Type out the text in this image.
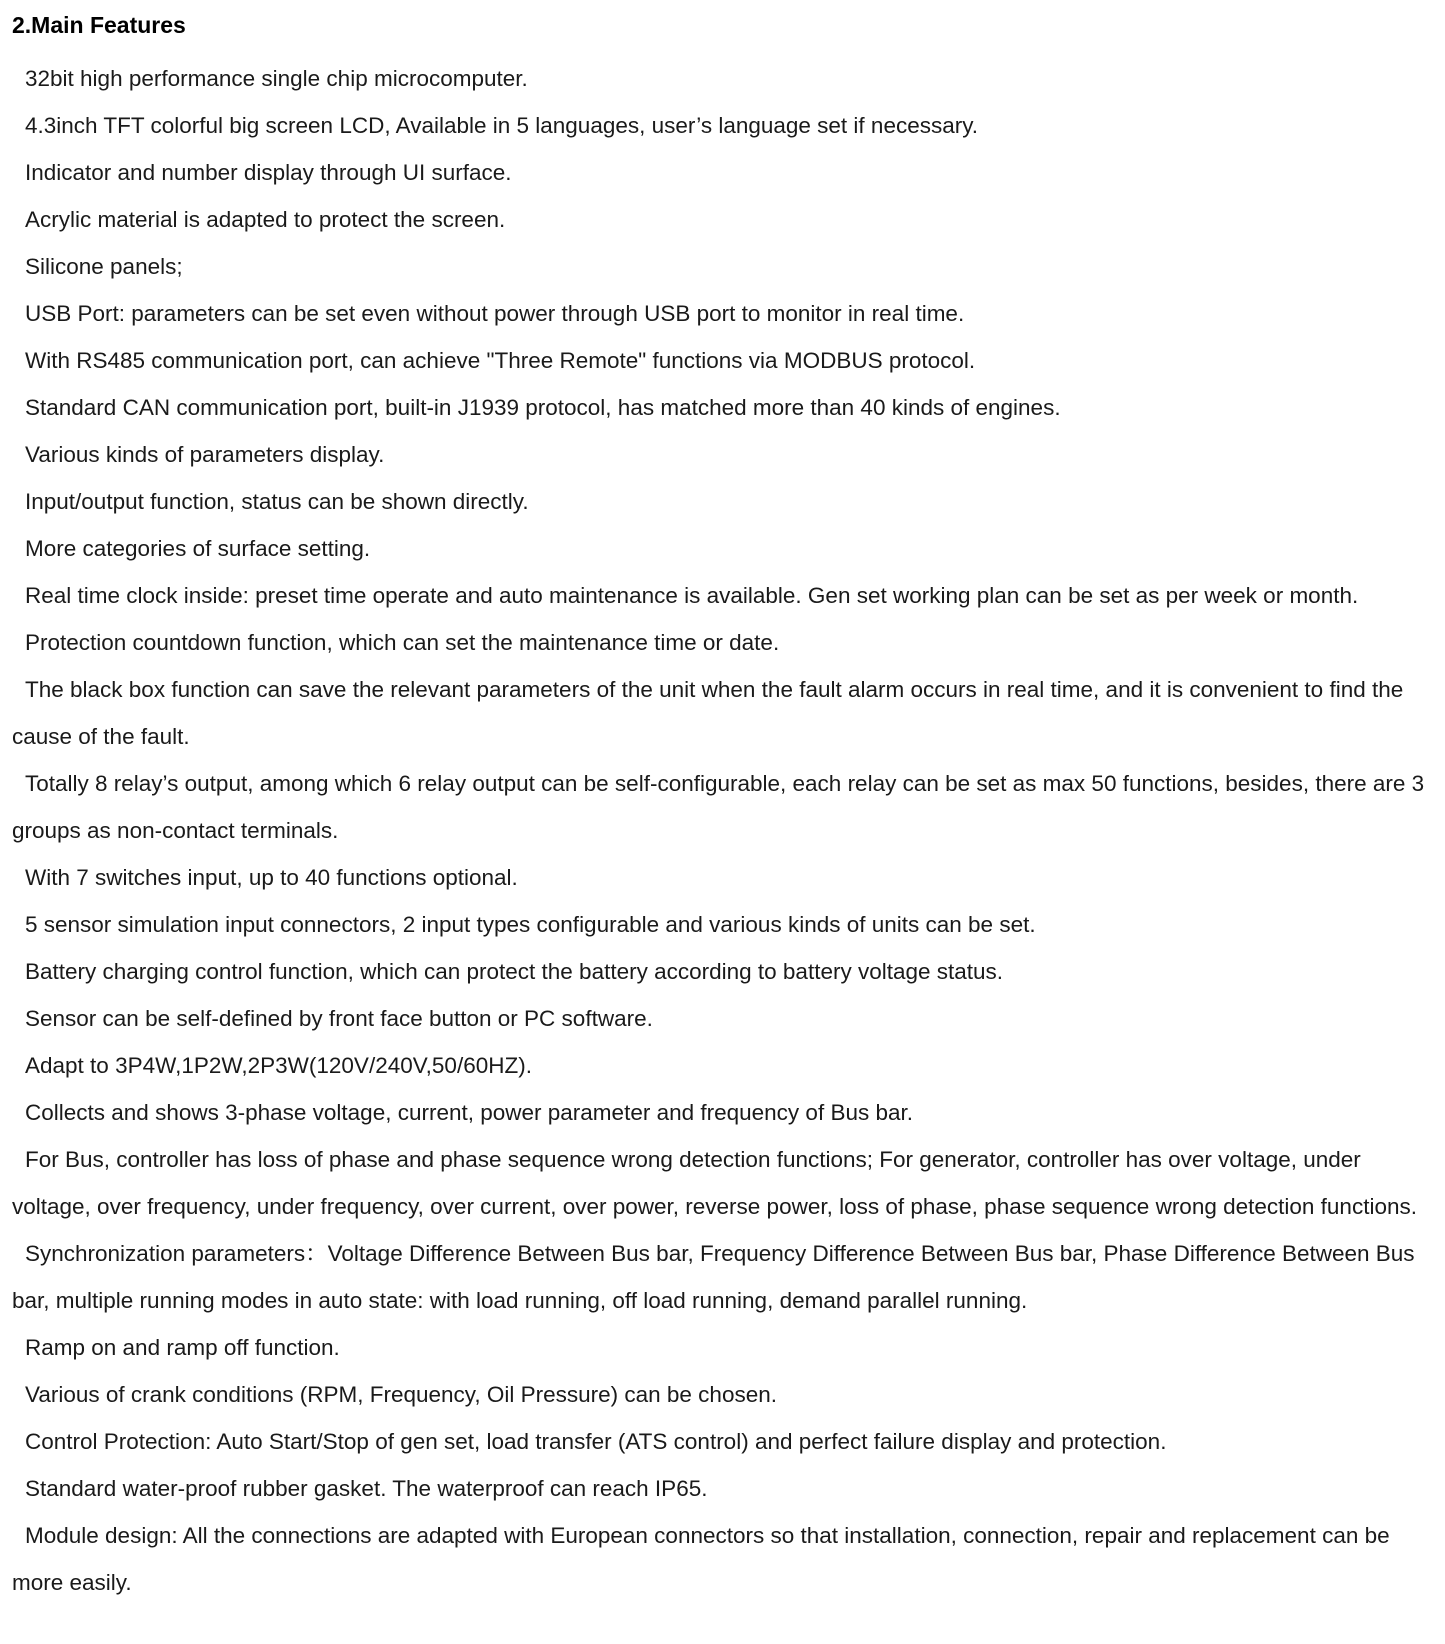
2.Main Features
32bit high performance single chip microcomputer.
4.3inch TFT colorful big screen LCD, Available in 5 languages, user’s language set if necessary.
Indicator and number display through UI surface.
Acrylic material is adapted to protect the screen.
Silicone panels;
USB Port: parameters can be set even without power through USB port to monitor in real time.
With RS485 communication port, can achieve "Three Remote" functions via MODBUS protocol.
Standard CAN communication port, built-in J1939 protocol, has matched more than 40 kinds of engines.
Various kinds of parameters display.
Input/output function, status can be shown directly.
More categories of surface setting.
Real time clock inside: preset time operate and auto maintenance is available. Gen set working plan can be set as per week or month.
Protection countdown function, which can set the maintenance time or date.
The black box function can save the relevant parameters of the unit when the fault alarm occurs in real time, and it is convenient to find the cause of the fault.
Totally 8 relay’s output, among which 6 relay output can be self-configurable, each relay can be set as max 50 functions, besides, there are 3 groups as non-contact terminals.
With 7 switches input, up to 40 functions optional.
5 sensor simulation input connectors, 2 input types configurable and various kinds of units can be set.
Battery charging control function, which can protect the battery according to battery voltage status.
Sensor can be self-defined by front face button or PC software.
Adapt to 3P4W,1P2W,2P3W(120V/240V,50/60HZ).
Collects and shows 3-phase voltage, current, power parameter and frequency of Bus bar.
For Bus, controller has loss of phase and phase sequence wrong detection functions; For generator, controller has over voltage, under voltage, over frequency, under frequency, over current, over power, reverse power, loss of phase, phase sequence wrong detection functions.
Synchronization parameters：Voltage Difference Between Bus bar, Frequency Difference Between Bus bar, Phase Difference Between Bus bar, multiple running modes in auto state: with load running, off load running, demand parallel running.
Ramp on and ramp off function.
Various of crank conditions (RPM, Frequency, Oil Pressure) can be chosen.
Control Protection: Auto Start/Stop of gen set, load transfer (ATS control) and perfect failure display and protection.
Standard water-proof rubber gasket. The waterproof can reach IP65.
Module design: All the connections are adapted with European connectors so that installation, connection, repair and replacement can be more easily.
